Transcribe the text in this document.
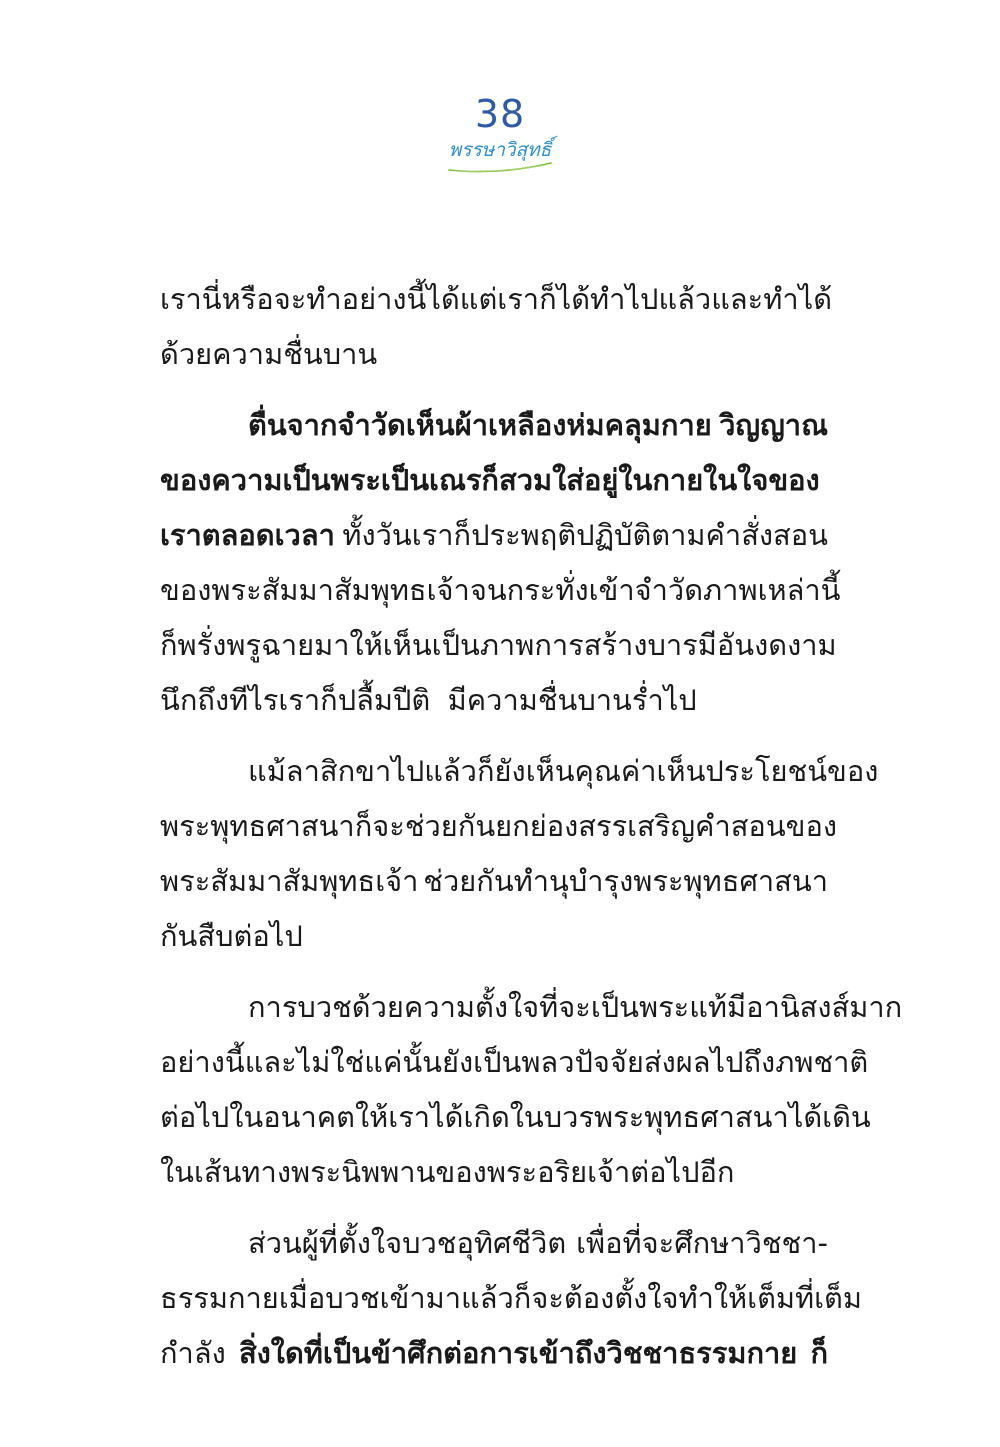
38
พรรษาวิสุทธิ์
เรานี่หรือจะทำอย่างนี้ได้ แต่เราก็ได้ทำไปแล้ว และทำได้
ด้วยความชื่นบาน
ตื่นจากจำวัดเห็นผ้าเหลืองห่มคลุมกาย วิญญาณ
ของความเป็นพระเป็นเณรก็สวมใส่อยู่ในกายในใจของ
เราตลอดเวลา ทั้งวันเราก็ประพฤติปฏิบัติตามคำสั่งสอน
ของพระสัมมาสัมพุทธเจ้า จนกระทั่งเข้าจำวัด ภาพเหล่านี้
ก็พรั่งพรูฉายมาให้เห็น เป็นภาพการสร้างบารมีอันงดงาม
นึกถึงทีไรเราก็ปลื้มปีติ มีความชื่นบานร่ำไป
แม้ลาสิกขาไปแล้ว ก็ยังเห็นคุณค่า เห็นประโยชน์ของ
พระพุทธศาสนา ก็จะช่วยกันยกย่องสรรเสริญคำสอนของ
พระสัมมาสัมพุทธเจ้า ช่วยกันทำนุบำรุงพระพุทธศาสนา
กันสืบต่อไป
การบวชด้วยความตั้งใจที่จะเป็นพระแท้มีอานิสงส์มาก
อย่างนี้ และไม่ใช่แค่นั้น ยังเป็นพลวปัจจัย ส่งผลไปถึงภพชาติ
ต่อไปในอนาคต ให้เราได้เกิดในบวรพระพุทธศาสนา ได้เดิน
ในเส้นทางพระนิพพานของพระอริยเจ้าต่อไปอีก
ส่วนผู้ที่ตั้งใจบวชอุทิศชีวิต เพื่อที่จะศึกษาวิชชา-
ธรรมกาย เมื่อบวชเข้ามาแล้วก็จะต้องตั้งใจทำให้เต็มที่เต็ม
กำลัง สิ่งใดที่เป็นข้าศึกต่อการเข้าถึงวิชชาธรรมกาย ก็
